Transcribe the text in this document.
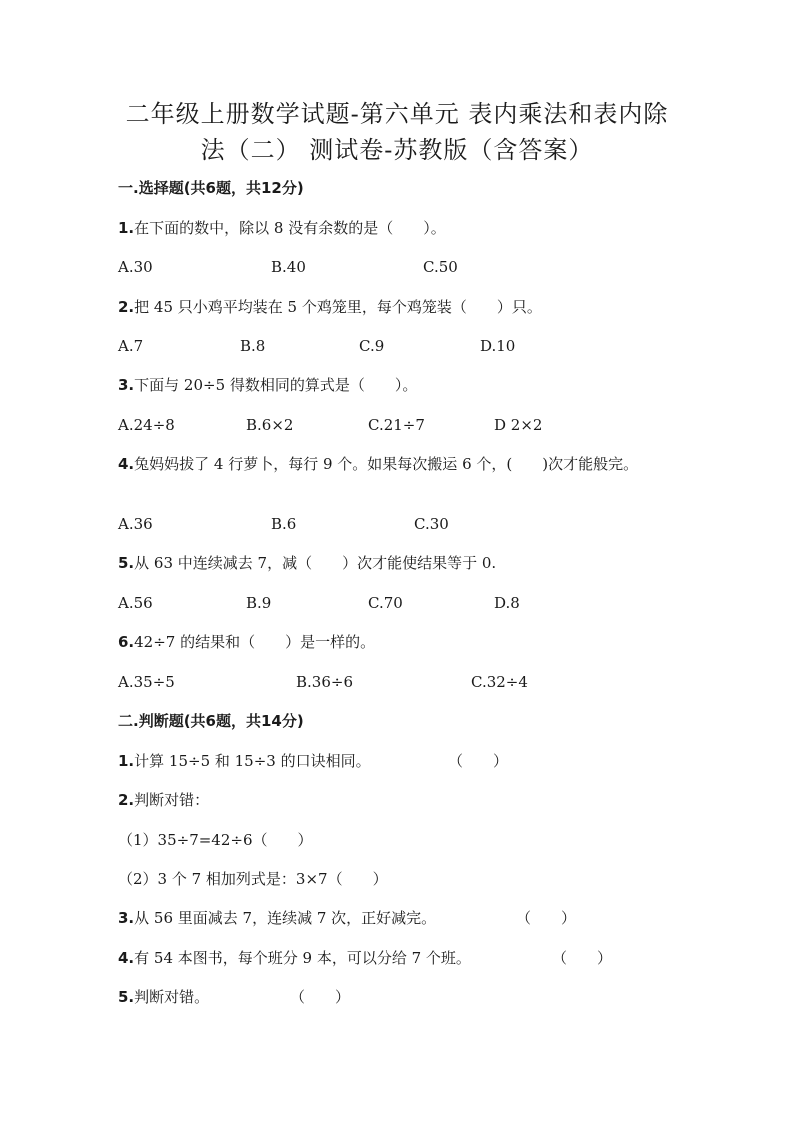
二年级上册数学试题-第六单元 表内乘法和表内除
法（二） 测试卷-苏教版（含答案）
一.选择题(共6题，共12分)
1.在下面的数中，除以 8 没有余数的是（　　）。
A.30	B.40	C.50
2.把 45 只小鸡平均装在 5 个鸡笼里，每个鸡笼装（　　）只。
A.7	B.8	C.9	D.10
3.下面与 20÷5 得数相同的算式是（　　）。
A.24÷8	B.6×2	C.21÷7	D 2×2
4.兔妈妈拔了 4 行萝卜，每行 9 个。如果每次搬运 6 个，(　　)次才能般完。
A.36	B.6	C.30
5.从 63 中连续减去 7，减（　　）次才能使结果等于 0.
A.56	B.9	C.70	D.8
6.42÷7 的结果和（　　）是一样的。
A.35÷5	B.36÷6	C.32÷4
二.判断题(共6题，共14分)
1.计算 15÷5 和 15÷3 的口诀相同。	（　　）
2.判断对错：
（1）35÷7=42÷6（　　）
（2）3 个 7 相加列式是：3×7（　　）
3.从 56 里面减去 7，连续减 7 次，正好减完。	（　　）
4.有 54 本图书，每个班分 9 本，可以分给 7 个班。	（　　）
5.判断对错。	（　　）
